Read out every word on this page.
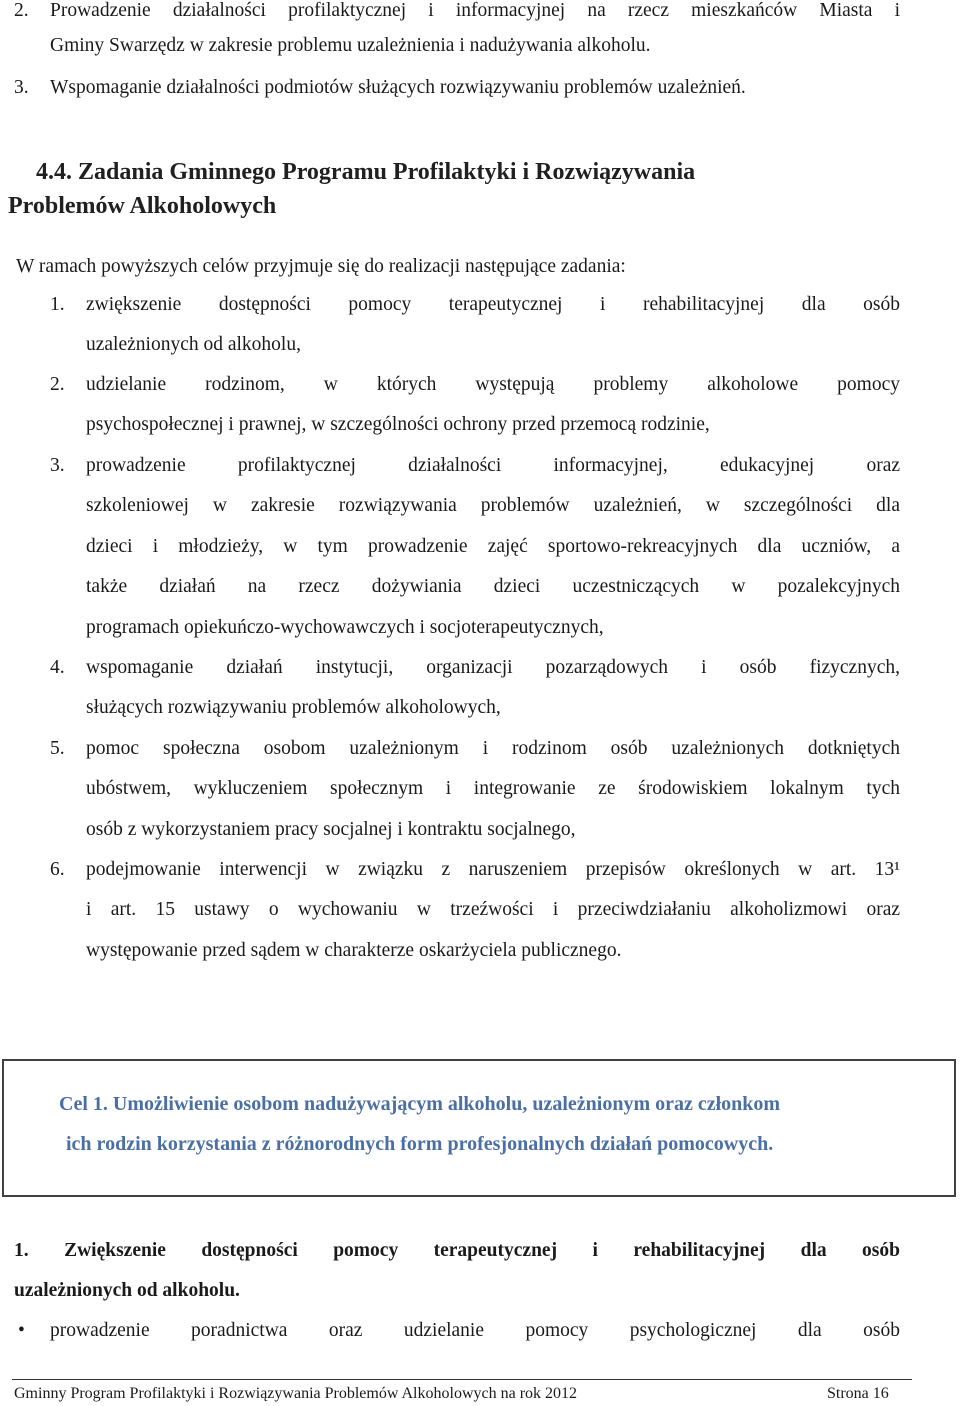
2. Prowadzenie działalności profilaktycznej i informacyjnej na rzecz mieszkańców Miasta i
Gminy Swarzędz w zakresie problemu uzależnienia i nadużywania alkoholu.
3. Wspomaganie działalności podmiotów służących rozwiązywaniu problemów uzależnień.
4.4. Zadania Gminnego Programu Profilaktyki i Rozwiązywania
Problemów Alkoholowych
W ramach powyższych celów przyjmuje się do realizacji następujące zadania:
1. zwiększenie dostępności pomocy terapeutycznej i rehabilitacyjnej dla osób
uzależnionych od alkoholu,
2. udzielanie rodzinom, w których występują problemy alkoholowe pomocy
psychospołecznej i prawnej, w szczególności ochrony przed przemocą rodzinie,
3. prowadzenie profilaktycznej działalności informacyjnej, edukacyjnej oraz
szkoleniowej w zakresie rozwiązywania problemów uzależnień, w szczególności dla
dzieci i młodzieży, w tym prowadzenie zajęć sportowo-rekreacyjnych dla uczniów, a
także działań na rzecz dożywiania dzieci uczestniczących w pozalekcyjnych
programach opiekuńczo-wychowawczych i socjoterapeutycznych,
4. wspomaganie działań instytucji, organizacji pozarządowych i osób fizycznych,
służących rozwiązywaniu problemów alkoholowych,
5. pomoc społeczna osobom uzależnionym i rodzinom osób uzależnionych dotkniętych
ubóstwem, wykluczeniem społecznym i integrowanie ze środowiskiem lokalnym tych
osób z wykorzystaniem pracy socjalnej i kontraktu socjalnego,
6. podejmowanie interwencji w związku z naruszeniem przepisów określonych w art. 13¹
i art. 15 ustawy o wychowaniu w trzeźwości i przeciwdziałaniu alkoholizmowi oraz
występowanie przed sądem w charakterze oskarżyciela publicznego.
Cel 1. Umożliwienie osobom nadużywającym alkoholu, uzależnionym oraz członkom
ich rodzin korzystania z różnorodnych form profesjonalnych działań pomocowych.
1. Zwiększenie dostępności pomocy terapeutycznej i rehabilitacyjnej dla osób
uzależnionych od alkoholu.
• prowadzenie poradnictwa oraz udzielanie pomocy psychologicznej dla osób
Gminny Program Profilaktyki i Rozwiązywania Problemów Alkoholowych na rok 2012	Strona 16
